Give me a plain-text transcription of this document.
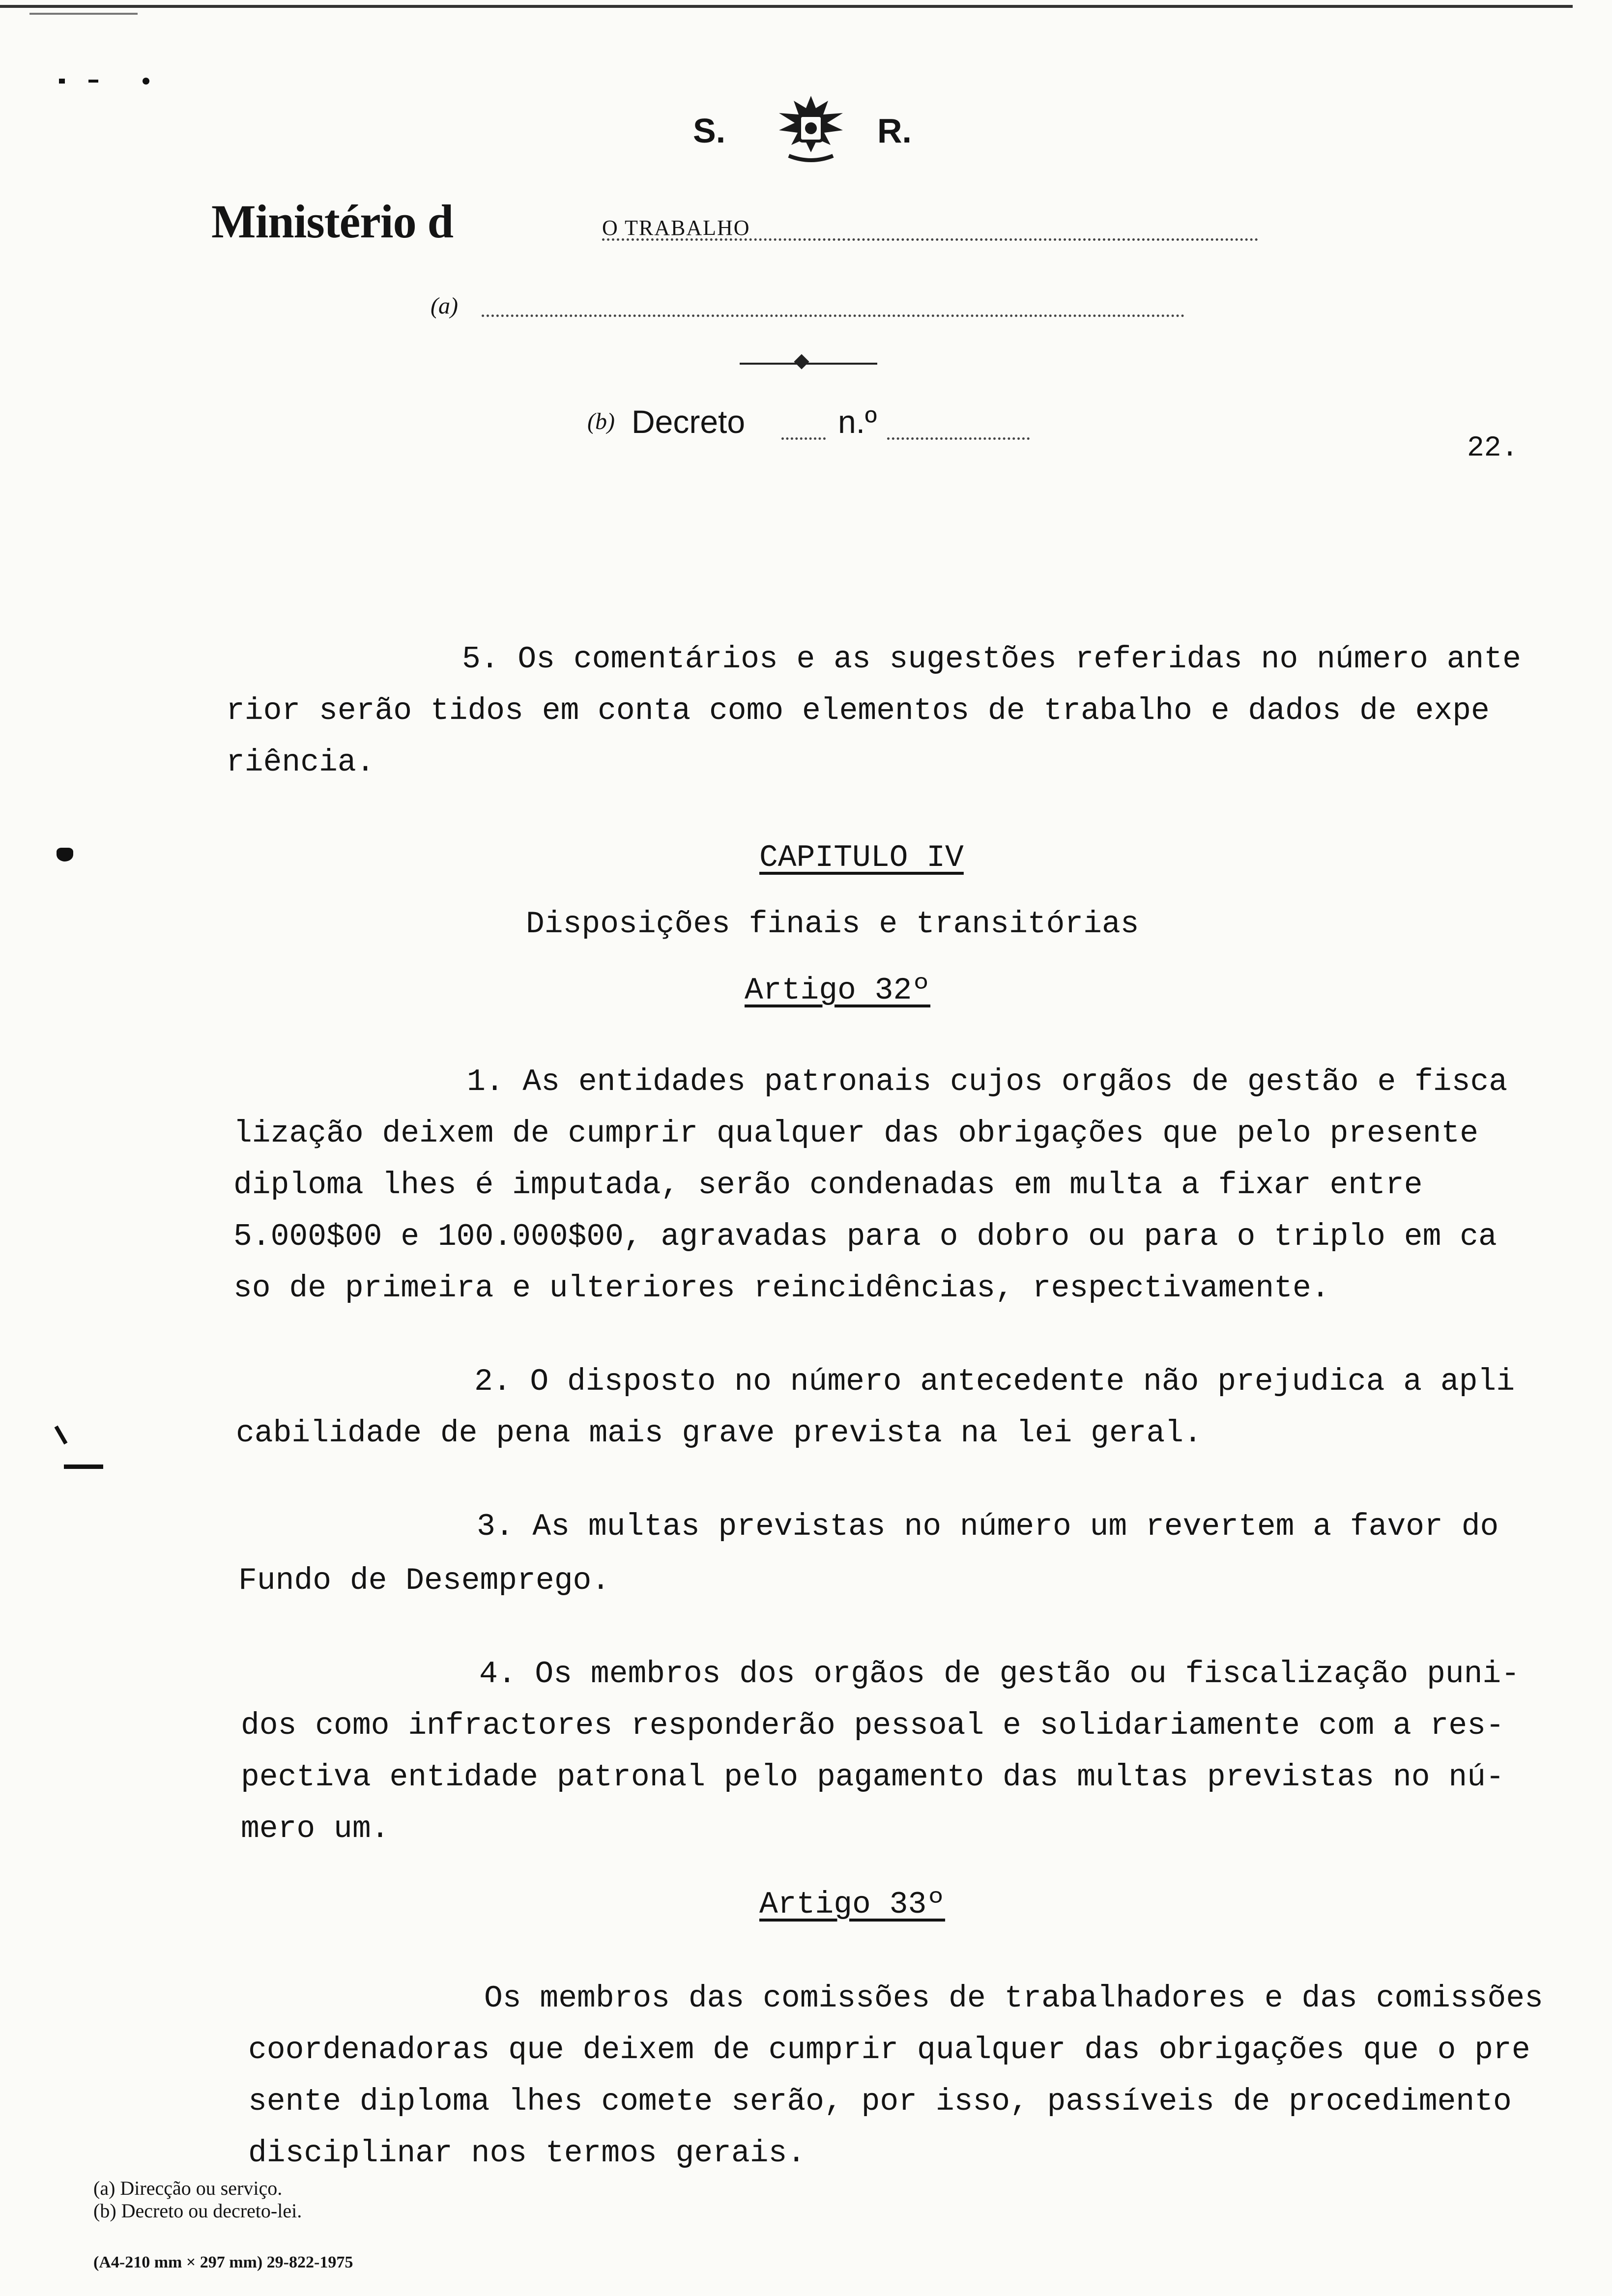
S.	R.
Ministério d	O TRABALHO
(a)
(b) Decreto	n.º
22.
5. Os comentários e as sugestões referidas no número ante
rior serão tidos em conta como elementos de trabalho e dados de expe
riência.
CAPITULO IV
Disposições finais e transitórias
Artigo 32º
1. As entidades patronais cujos orgãos de gestão e fisca
lização deixem de cumprir qualquer das obrigações que pelo presente
diploma lhes é imputada, serão condenadas em multa a fixar entre
5.000$00 e 100.000$00, agravadas para o dobro ou para o triplo em ca
so de primeira e ulteriores reincidências, respectivamente.
2. O disposto no número antecedente não prejudica a apli
cabilidade de pena mais grave prevista na lei geral.
3. As multas previstas no número um revertem a favor do
Fundo de Desemprego.
4. Os membros dos orgãos de gestão ou fiscalização puni-
dos como infractores responderão pessoal e solidariamente com a res-
pectiva entidade patronal pelo pagamento das multas previstas no nú-
mero um.
Artigo 33º
Os membros das comissões de trabalhadores e das comissões
coordenadoras que deixem de cumprir qualquer das obrigações que o pre
sente diploma lhes comete serão, por isso, passíveis de procedimento
disciplinar nos termos gerais.
(a) Direcção ou serviço.
(b) Decreto ou decreto-lei.
(A4-210 mm × 297 mm) 29-822-1975
